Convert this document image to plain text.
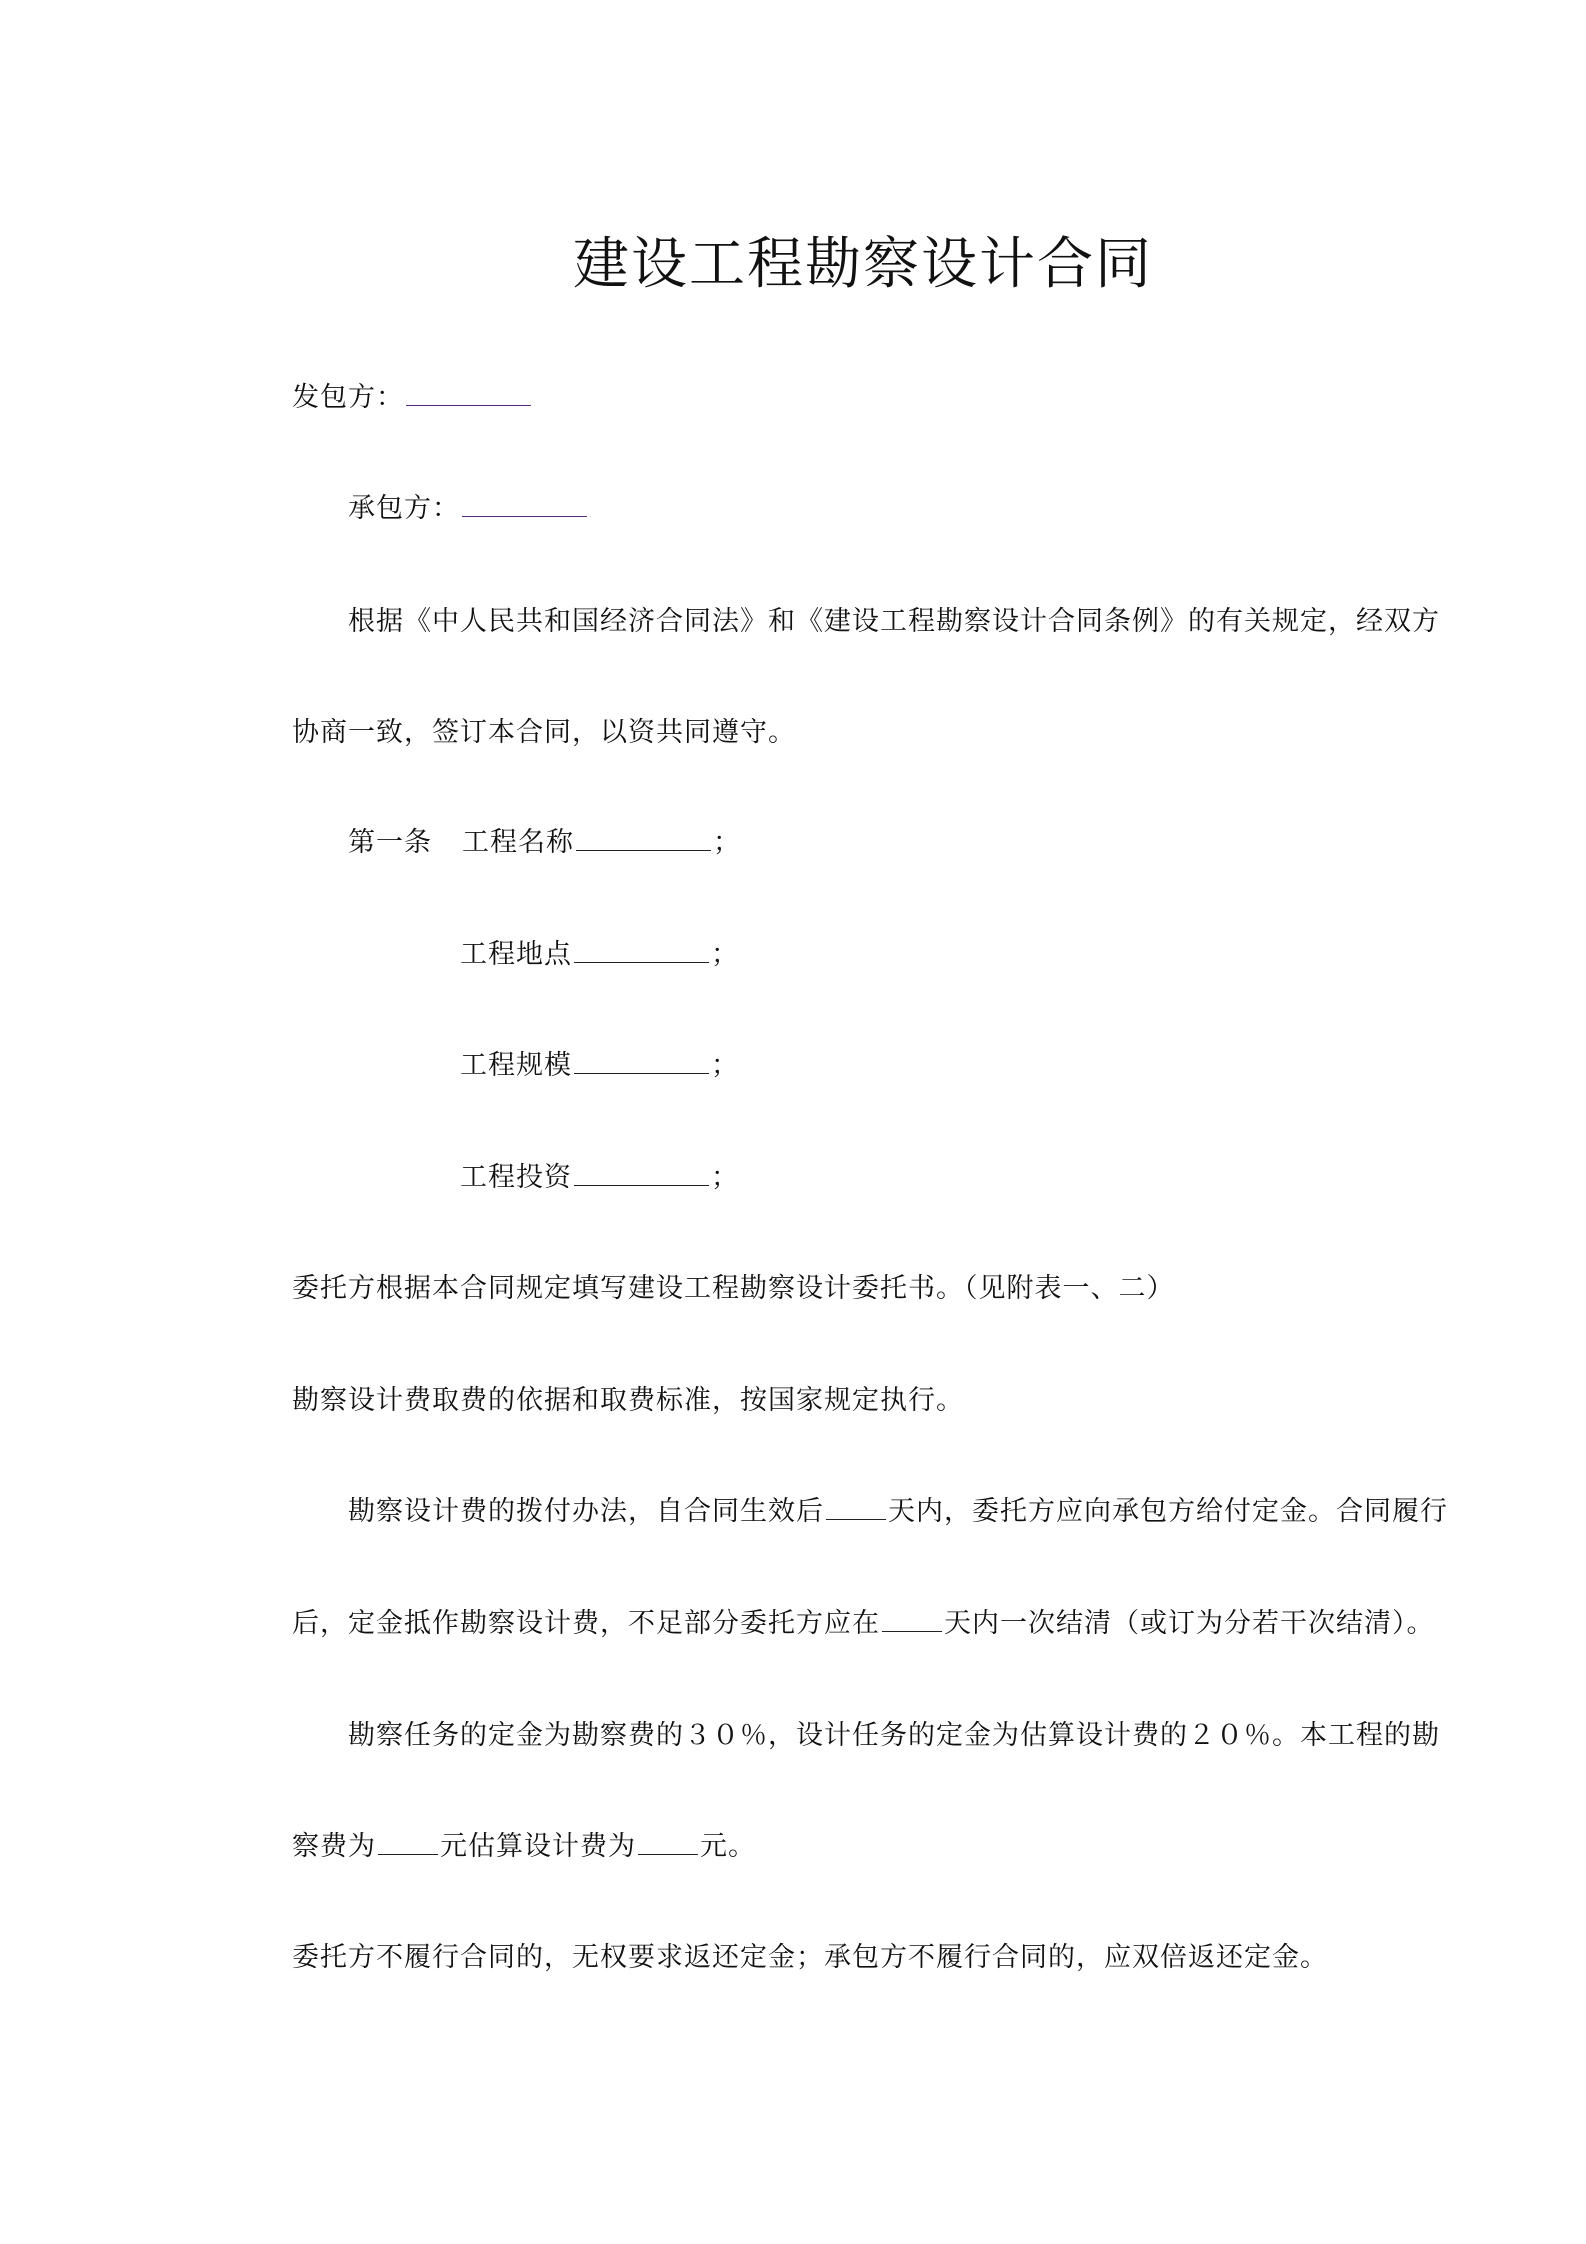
建设工程勘察设计合同
发包方：
承包方：
根据《中人民共和国经济合同法》和《建设工程勘察设计合同条例》的有关规定，经双方
协商一致，签订本合同，以资共同遵守。
第一条 工程名称	；
工程地点	；
工程规模	；
工程投资	；
委托方根据本合同规定填写建设工程勘察设计委托书。（见附表一、二）
勘察设计费取费的依据和取费标准，按国家规定执行。
勘察设计费的拨付办法，自合同生效后 天内，委托方应向承包方给付定金。合同履行
后，定金抵作勘察设计费，不足部分委托方应在 天内一次结清（或订为分若干次结清）。
勘察任务的定金为勘察费的３０％，设计任务的定金为估算设计费的２０％。本工程的勘
察费为 元估算设计费为 元。
委托方不履行合同的，无权要求返还定金；承包方不履行合同的，应双倍返还定金。
